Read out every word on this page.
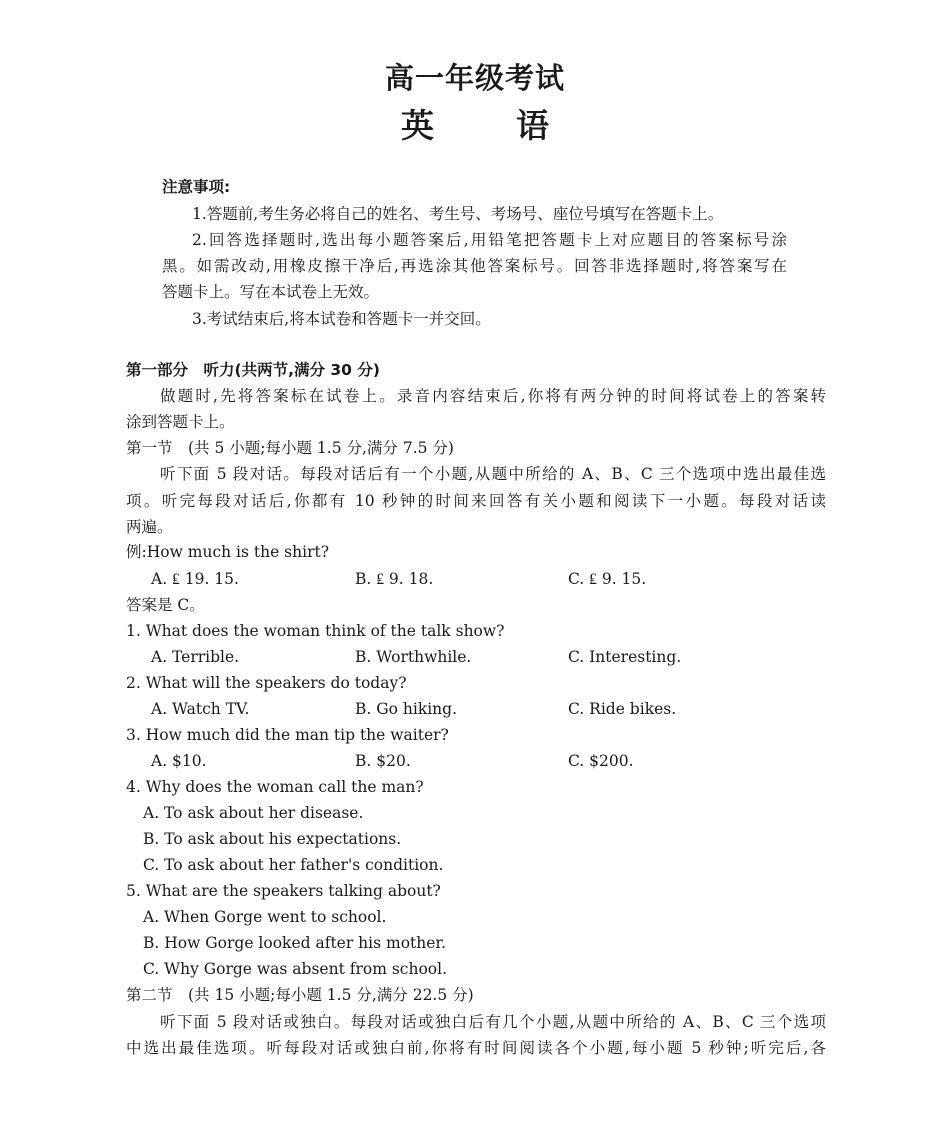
高一年级考试
英 语
注意事项:
1.答题前,考生务必将自己的姓名、考生号、考场号、座位号填写在答题卡上。
2.回答选择题时,选出每小题答案后,用铅笔把答题卡上对应题目的答案标号涂
黑。如需改动,用橡皮擦干净后,再选涂其他答案标号。回答非选择题时,将答案写在
答题卡上。写在本试卷上无效。
3.考试结束后,将本试卷和答题卡一并交回。
第一部分　听力(共两节,满分 30 分)
做题时,先将答案标在试卷上。录音内容结束后,你将有两分钟的时间将试卷上的答案转
涂到答题卡上。
第一节　(共 5 小题;每小题 1.5 分,满分 7.5 分)
听下面 5 段对话。每段对话后有一个小题,从题中所给的 A、B、C 三个选项中选出最佳选
项。听完每段对话后,你都有 10 秒钟的时间来回答有关小题和阅读下一小题。每段对话读
两遍。
例:How much is the shirt?
A. ₤ 19. 15.	B. ₤ 9. 18.	C. ₤ 9. 15.
答案是 C。
1. What does the woman think of the talk show?
A. Terrible.	B. Worthwhile.	C. Interesting.
2. What will the speakers do today?
A. Watch TV.	B. Go hiking.	C. Ride bikes.
3. How much did the man tip the waiter?
A. $10.	B. $20.	C. $200.
4. Why does the woman call the man?
A. To ask about her disease.
B. To ask about his expectations.
C. To ask about her father's condition.
5. What are the speakers talking about?
A. When Gorge went to school.
B. How Gorge looked after his mother.
C. Why Gorge was absent from school.
第二节　(共 15 小题;每小题 1.5 分,满分 22.5 分)
听下面 5 段对话或独白。每段对话或独白后有几个小题,从题中所给的 A、B、C 三个选项
中选出最佳选项。听每段对话或独白前,你将有时间阅读各个小题,每小题 5 秒钟;听完后,各
